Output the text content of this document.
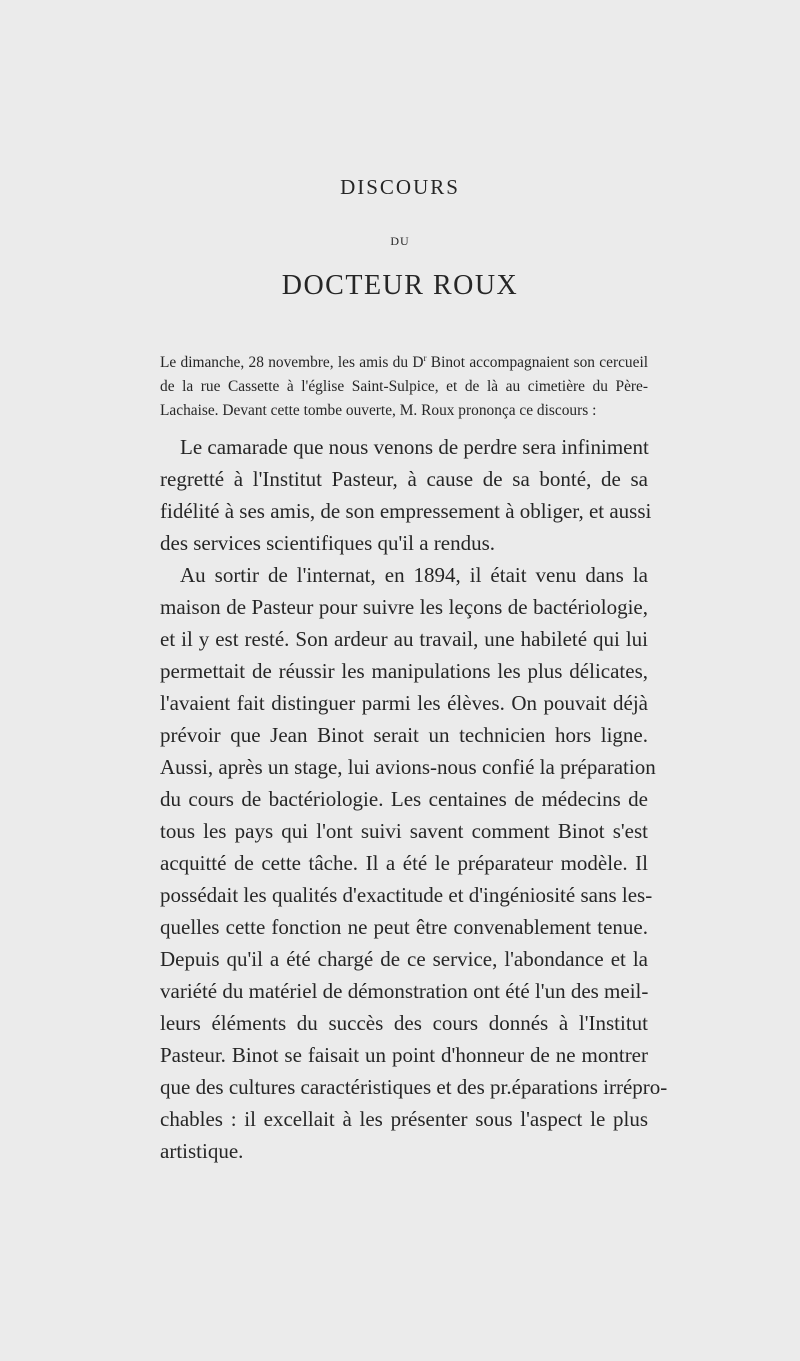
DISCOURS
DU
DOCTEUR ROUX
Le dimanche, 28 novembre, les amis du $D^r$ Binot accompagnaient son cercueil de la rue Cassette à l'église Saint-Sulpice, et de là au cimetière du Père-Lachaise. Devant cette tombe ouverte, M. Roux prononça ce discours :
Le camarade que nous venons de perdre sera infiniment
regretté à l'Institut Pasteur, à cause de sa bonté, de sa
fidélité à ses amis, de son empressement à obliger, et aussi
des services scientifiques qu'il a rendus.
Au sortir de l'internat, en 1894, il était venu dans la
maison de Pasteur pour suivre les leçons de bactériologie,
et il y est resté. Son ardeur au travail, une habileté qui lui
permettait de réussir les manipulations les plus délicates,
l'avaient fait distinguer parmi les élèves. On pouvait déjà
prévoir que Jean Binot serait un technicien hors ligne.
Aussi, après un stage, lui avions-nous confié la préparation
du cours de bactériologie. Les centaines de médecins de
tous les pays qui l'ont suivi savent comment Binot s'est
acquitté de cette tâche. Il a été le préparateur modèle. Il
possédait les qualités d'exactitude et d'ingéniosité sans les-
quelles cette fonction ne peut être convenablement tenue.
Depuis qu'il a été chargé de ce service, l'abondance et la
variété du matériel de démonstration ont été l'un des meil-
leurs éléments du succès des cours donnés à l'Institut
Pasteur. Binot se faisait un point d'honneur de ne montrer
que des cultures caractéristiques et des pr.éparations irrépro-
chables : il excellait à les présenter sous l'aspect le plus
artistique.
